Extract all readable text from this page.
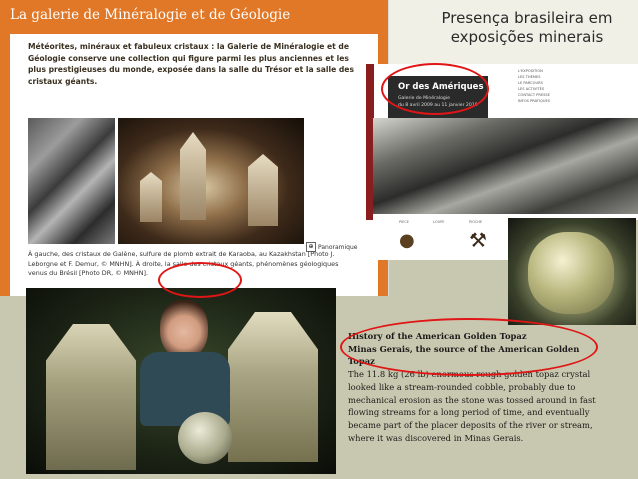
La galerie de Minéralogie et de Géologie
Météorites, minéraux et fabuleux cristaux : la Galerie de Minéralogie et de Géologie conserve une collection qui figure parmi les plus anciennes et les plus prestigieuses du monde, exposée dans la salle du Trésor et la salle des cristaux géants.
⊕ Panoramique
À gauche, des cristaux de Galène, sulfure de plomb extrait de Karaoba, au Kazakhstan [Photo J. Leborgne et F. Demur, © MNHN]. À droite, la salle des cristaux géants, phénomènes géologiques venus du Brésil [Photo DR, © MNHN].
Presença brasileira em exposições minerais
L'EXPOSITION
LES THÈMES
LE PARCOURS
LES ACTIVITÉS
CONTACT PRESSE
INFOS PRATIQUES
Or des Amériques
Galerie de Minéralogie
du 8 avril 2009 au 11 janvier 2010
PIECE	LOUPE	PIOCHE
●	⚒
History of the American Golden Topaz
Minas Gerais, the source of the American Golden Topaz
The 11.8 kg (26 lb) enormous rough golden topaz crystal looked like a stream-rounded cobble, probably due to mechanical erosion as the stone was tossed around in fast flowing streams for a long period of time, and eventually became part of the placer deposits of the river or stream, where it was discovered in Minas Gerais.
